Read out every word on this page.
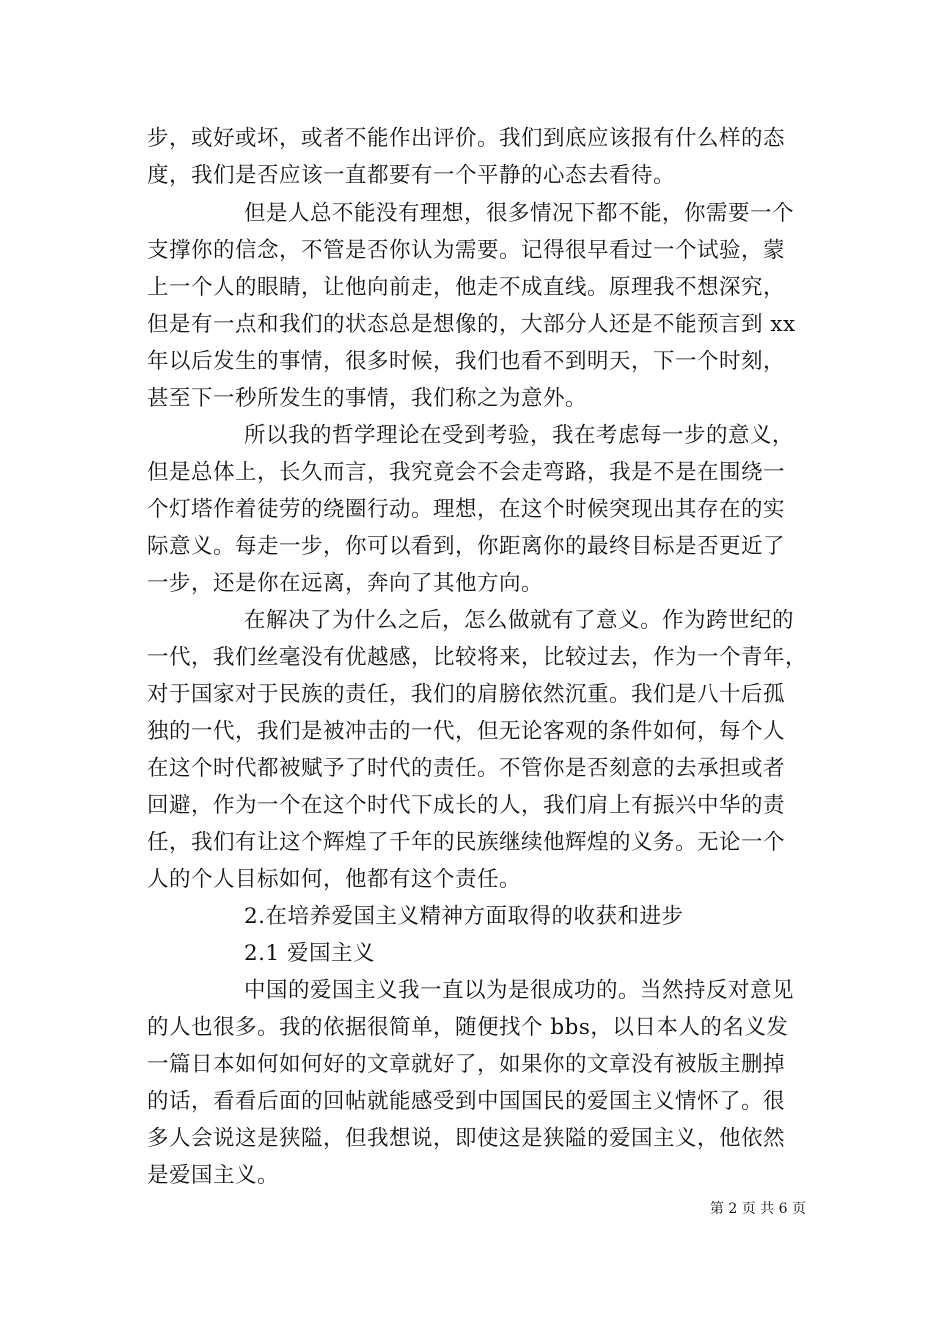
步，或好或坏，或者不能作出评价。我们到底应该报有什么样的态
度，我们是否应该一直都要有一个平静的心态去看待。
但是人总不能没有理想，很多情况下都不能，你需要一个
支撑你的信念，不管是否你认为需要。记得很早看过一个试验，蒙
上一个人的眼睛，让他向前走，他走不成直线。原理我不想深究，
但是有一点和我们的状态总是想像的，大部分人还是不能预言到 xx
年以后发生的事情，很多时候，我们也看不到明天，下一个时刻，
甚至下一秒所发生的事情，我们称之为意外。
所以我的哲学理论在受到考验，我在考虑每一步的意义，
但是总体上，长久而言，我究竟会不会走弯路，我是不是在围绕一
个灯塔作着徒劳的绕圈行动。理想，在这个时候突现出其存在的实
际意义。每走一步，你可以看到，你距离你的最终目标是否更近了
一步，还是你在远离，奔向了其他方向。
在解决了为什么之后，怎么做就有了意义。作为跨世纪的
一代，我们丝毫没有优越感，比较将来，比较过去，作为一个青年，
对于国家对于民族的责任，我们的肩膀依然沉重。我们是八十后孤
独的一代，我们是被冲击的一代，但无论客观的条件如何，每个人
在这个时代都被赋予了时代的责任。不管你是否刻意的去承担或者
回避，作为一个在这个时代下成长的人，我们肩上有振兴中华的责
任，我们有让这个辉煌了千年的民族继续他辉煌的义务。无论一个
人的个人目标如何，他都有这个责任。
2.在培养爱国主义精神方面取得的收获和进步
2.1 爱国主义
中国的爱国主义我一直以为是很成功的。当然持反对意见
的人也很多。我的依据很简单，随便找个 bbs，以日本人的名义发
一篇日本如何如何好的文章就好了，如果你的文章没有被版主删掉
的话，看看后面的回帖就能感受到中国国民的爱国主义情怀了。很
多人会说这是狭隘，但我想说，即使这是狭隘的爱国主义，他依然
是爱国主义。
第 2 页 共 6 页
